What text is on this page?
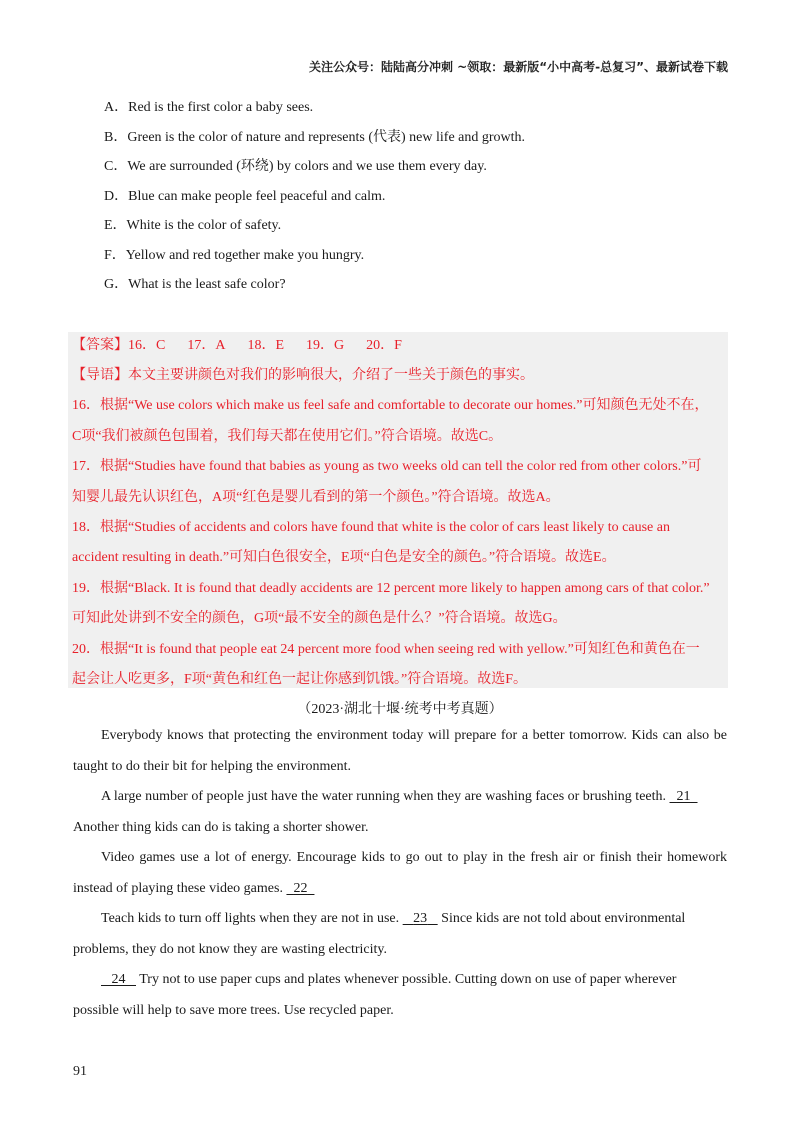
关注公众号：陆陆高分冲刺 ~领取：最新版“小中高考-总复习”、最新试卷下载
A．Red is the first color a baby sees.
B．Green is the color of nature and represents (代表) new life and growth.
C．We are surrounded (环绕) by colors and we use them every day.
D．Blue can make people feel peaceful and calm.
E．White is the color of safety.
F．Yellow and red together make you hungry.
G．What is the least safe color?
【答案】16．C 17．A 18．E 19．G 20．F
【导语】本文主要讲颜色对我们的影响很大，介绍了一些关于颜色的事实。
16．根据“We use colors which make us feel safe and comfortable to decorate our homes.”可知颜色无处不在，
C项“我们被颜色包围着，我们每天都在使用它们。”符合语境。故选C。
17．根据“Studies have found that babies as young as two weeks old can tell the color red from other colors.”可
知婴儿最先认识红色，A项“红色是婴儿看到的第一个颜色。”符合语境。故选A。
18．根据“Studies of accidents and colors have found that white is the color of cars least likely to cause an
accident resulting in death.”可知白色很安全，E项“白色是安全的颜色。”符合语境。故选E。
19．根据“Black. It is found that deadly accidents are 12 percent more likely to happen among cars of that color.”
可知此处讲到不安全的颜色，G项“最不安全的颜色是什么？”符合语境。故选G。
20．根据“It is found that people eat 24 percent more food when seeing red with yellow.”可知红色和黄色在一
起会让人吃更多，F项“黄色和红色一起让你感到饥饿。”符合语境。故选F。
（2023·湖北十堰·统考中考真题）
Everybody knows that protecting the environment today will prepare for a better tomorrow. Kids can also be
taught to do their bit for helping the environment.
A large number of people just have the water running when they are washing faces or brushing teeth. 21
Another thing kids can do is taking a shorter shower.
Video games use a lot of energy. Encourage kids to go out to play in the fresh air or finish their homework
instead of playing these video games. 22
Teach kids to turn off lights when they are not in use. 23 Since kids are not told about environmental
problems, they do not know they are wasting electricity.
24 Try not to use paper cups and plates whenever possible. Cutting down on use of paper wherever
possible will help to save more trees. Use recycled paper.
91
